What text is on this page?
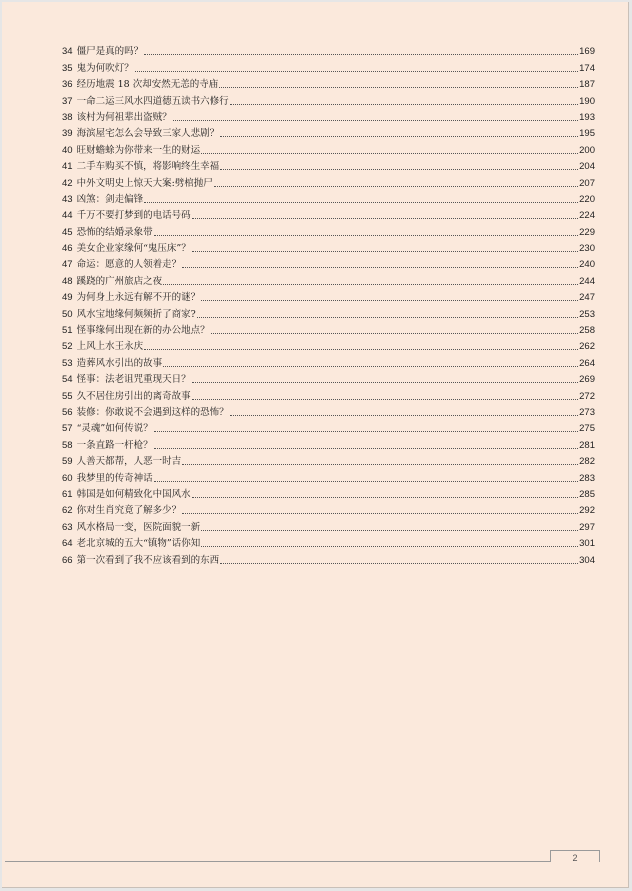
34 僵尸是真的吗？	169
35 鬼为何吹灯？	174
36 经历地震 18 次却安然无恙的寺庙	187
37 一命二运三风水四道德五读书六修行	190
38 该村为何祖辈出盗贼？	193
39 海滨屋宅怎么会导致三家人悲剧？	195
40 旺财蟾蜍为你带来一生的财运	200
41 二手车购买不慎，将影响终生幸福	204
42 中外文明史上惊天大案:劈棺抛尸	207
43 凶煞：剑走偏锋	220
44 千万不要打梦到的电话号码	224
45 恐怖的结婚录象带	229
46 美女企业家缘何“鬼压床”？	230
47 命运：愿意的人领着走？	240
48 蹊跷的广州旅店之夜	244
49 为何身上永远有解不开的谜？	247
50 风水宝地缘何频频折了商家?	253
51 怪事缘何出现在新的办公地点？	258
52 上风上水王永庆	262
53 造葬风水引出的故事	264
54 怪事：法老诅咒重现天日？	269
55 久不居住房引出的离奇故事	272
56 装修：你敢说不会遇到这样的恐怖？	273
57 “灵魂”如何传说？	275
58 一条直路一杆枪？	281
59 人善天都帮，人恶一时吉	282
60 我梦里的传奇神话	283
61 韩国是如何精致化中国风水	285
62 你对生肖究竟了解多少？	292
63 风水格局一变，医院面貌一新	297
64 老北京城的五大“镇物”话你知	301
66 第一次看到了我不应该看到的东西	304
2
